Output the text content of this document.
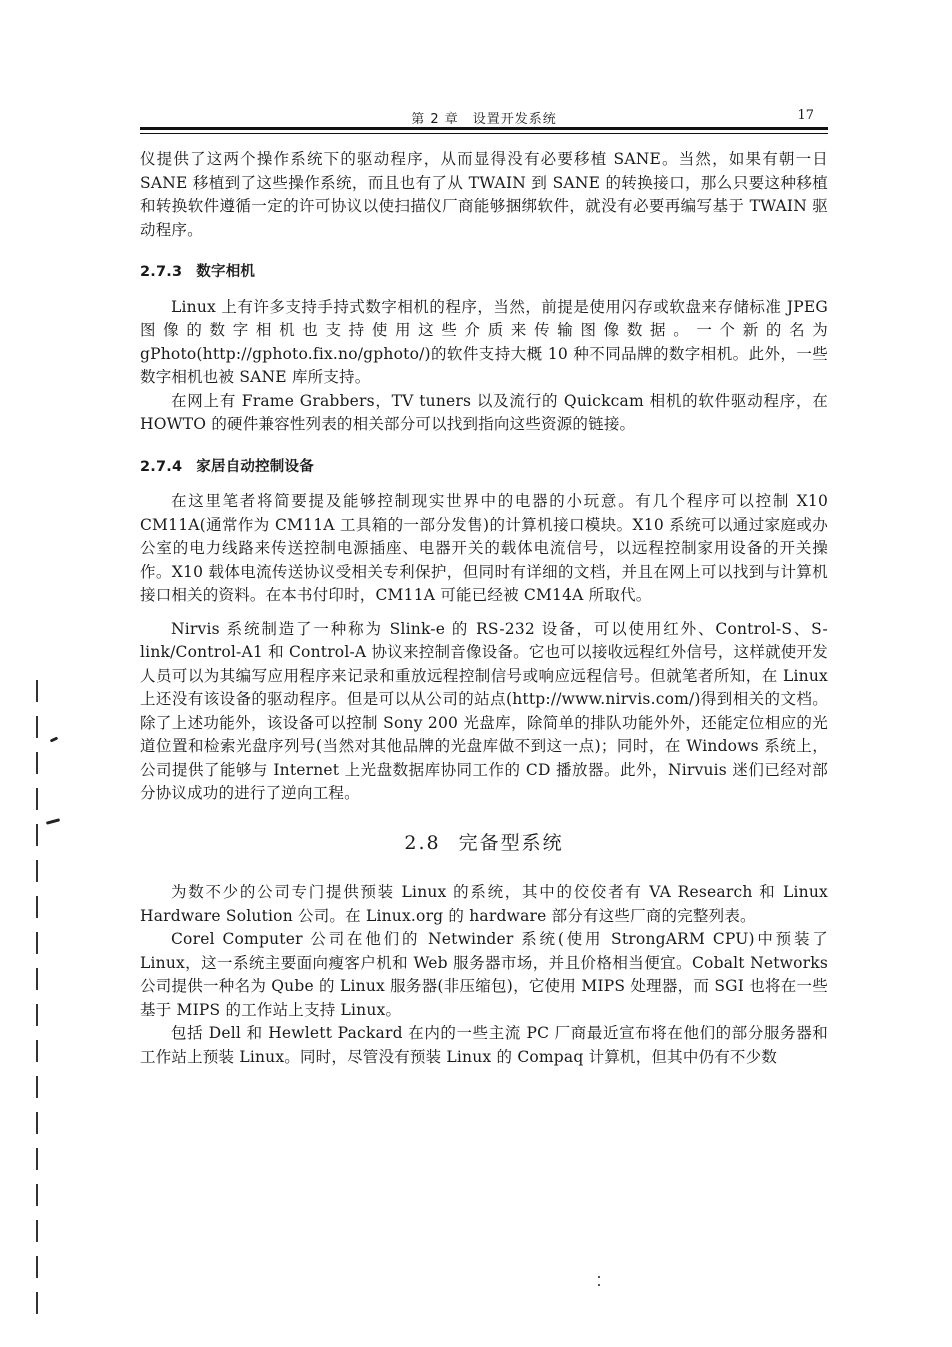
第 2 章　设置开发系统	17

仪提供了这两个操作系统下的驱动程序，从而显得没有必要移植 SANE。当然，如果有朝一日 SANE 移植到了这些操作系统，而且也有了从 TWAIN 到 SANE 的转换接口，那么只要这种移植和转换软件遵循一定的许可协议以使扫描仪厂商能够捆绑软件，就没有必要再编写基于 TWAIN 驱动程序。

2.7.3 数字相机

Linux 上有许多支持手持式数字相机的程序，当然，前提是使用闪存或软盘来存储标准 JPEG 图像的数字相机也支持使用这些介质来传输图像数据。一个新的名为 gPhoto(http://gphoto.fix.no/gphoto/)的软件支持大概 10 种不同品牌的数字相机。此外，一些数字相机也被 SANE 库所支持。

在网上有 Frame Grabbers，TV tuners 以及流行的 Quickcam 相机的软件驱动程序，在 HOWTO 的硬件兼容性列表的相关部分可以找到指向这些资源的链接。

2.7.4 家居自动控制设备

在这里笔者将简要提及能够控制现实世界中的电器的小玩意。有几个程序可以控制 X10 CM11A(通常作为 CM11A 工具箱的一部分发售)的计算机接口模块。X10 系统可以通过家庭或办公室的电力线路来传送控制电源插座、电器开关的载体电流信号，以远程控制家用设备的开关操作。X10 载体电流传送协议受相关专利保护，但同时有详细的文档，并且在网上可以找到与计算机接口相关的资料。在本书付印时，CM11A 可能已经被 CM14A 所取代。

Nirvis 系统制造了一种称为 Slink-e 的 RS-232 设备，可以使用红外、Control-S、S-link/Control-A1 和 Control-A 协议来控制音像设备。它也可以接收远程红外信号，这样就使开发人员可以为其编写应用程序来记录和重放远程控制信号或响应远程信号。但就笔者所知，在 Linux 上还没有该设备的驱动程序。但是可以从公司的站点(http://www.nirvis.com/)得到相关的文档。除了上述功能外，该设备可以控制 Sony 200 光盘库，除简单的排队功能外外，还能定位相应的光道位置和检索光盘序列号(当然对其他品牌的光盘库做不到这一点)；同时，在 Windows 系统上，公司提供了能够与 Internet 上光盘数据库协同工作的 CD 播放器。此外，Nirvuis 迷们已经对部分协议成功的进行了逆向工程。

2.8 完备型系统

为数不少的公司专门提供预装 Linux 的系统，其中的佼佼者有 VA Research 和 Linux Hardware Solution 公司。在 Linux.org 的 hardware 部分有这些厂商的完整列表。

Corel Computer 公司在他们的 Netwinder 系统(使用 StrongARM CPU)中预装了 Linux，这一系统主要面向瘦客户机和 Web 服务器市场，并且价格相当便宜。Cobalt Networks 公司提供一种名为 Qube 的 Linux 服务器(非压缩包)，它使用 MIPS 处理器，而 SGI 也将在一些基于 MIPS 的工作站上支持 Linux。

包括 Dell 和 Hewlett Packard 在内的一些主流 PC 厂商最近宣布将在他们的部分服务器和工作站上预装 Linux。同时，尽管没有预装 Linux 的 Compaq 计算机，但其中仍有不少数
